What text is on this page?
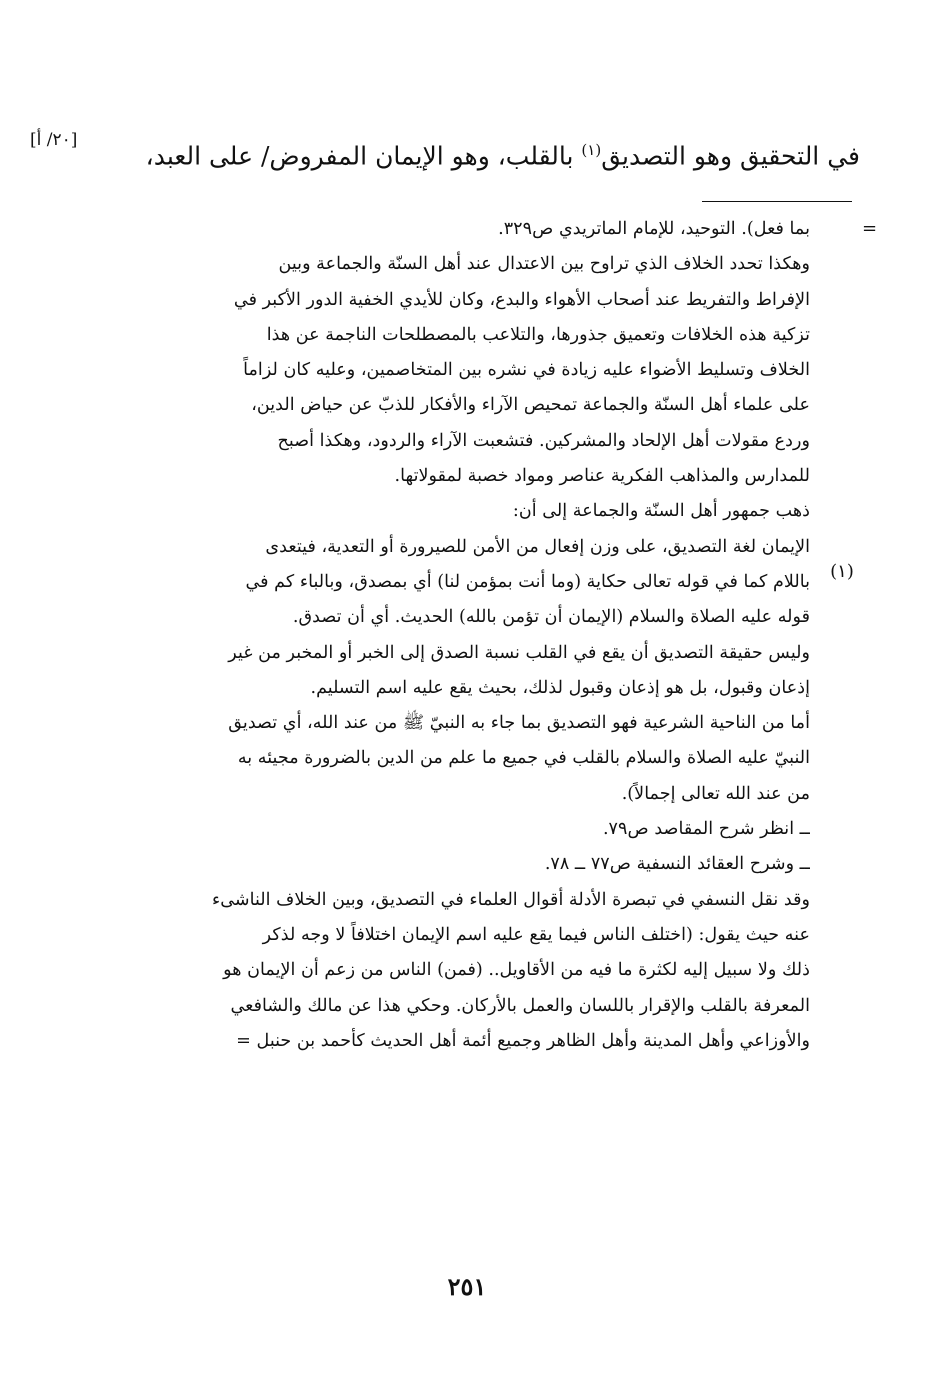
في التحقيق وهو التصديق$^{(١)}$ بالقلب، وهو الإيمان المفروض/ على العبد،
[٢٠/ أ]
=
(١)
بما فعل). التوحيد، للإمام الماتريدي ص٣٢٩.
وهكذا تحدد الخلاف الذي تراوح بين الاعتدال عند أهل السنّة والجماعة وبين
الإفراط والتفريط عند أصحاب الأهواء والبدع، وكان للأيدي الخفية الدور الأكبر في
تزكية هذه الخلافات وتعميق جذورها، والتلاعب بالمصطلحات الناجمة عن هذا
الخلاف وتسليط الأضواء عليه زيادة في نشره بين المتخاصمين، وعليه كان لزاماً
على علماء أهل السنّة والجماعة تمحيص الآراء والأفكار للذبّ عن حياض الدين،
وردع مقولات أهل الإلحاد والمشركين. فتشعبت الآراء والردود، وهكذا أصبح
للمدارس والمذاهب الفكرية عناصر ومواد خصبة لمقولاتها.
ذهب جمهور أهل السنّة والجماعة إلى أن:
الإيمان لغة التصديق، على وزن إفعال من الأمن للصيرورة أو التعدية، فيتعدى
باللام كما في قوله تعالى حكاية (وما أنت بمؤمن لنا) أي بمصدق، وبالباء كم في
قوله عليه الصلاة والسلام (الإيمان أن تؤمن بالله) الحديث. أي أن تصدق.
وليس حقيقة التصديق أن يقع في القلب نسبة الصدق إلى الخبر أو المخبر من غير
إذعان وقبول، بل هو إذعان وقبول لذلك، بحيث يقع عليه اسم التسليم.
أما من الناحية الشرعية فهو التصديق بما جاء به النبيّ ﷺ من عند الله، أي تصديق
النبيّ عليه الصلاة والسلام بالقلب في جميع ما علم من الدين بالضرورة مجيئه به
من عند الله تعالى إجمالاً).
ــ انظر شرح المقاصد ص٧٩.
ــ وشرح العقائد النسفية ص٧٧ ــ ٧٨.
وقد نقل النسفي في تبصرة الأدلة أقوال العلماء في التصديق، وبين الخلاف الناشىء
عنه حيث يقول: (اختلف الناس فيما يقع عليه اسم الإيمان اختلافاً لا وجه لذكر
ذلك ولا سبيل إليه لكثرة ما فيه من الأقاويل.. (فمن) الناس من زعم أن الإيمان هو
المعرفة بالقلب والإقرار باللسان والعمل بالأركان. وحكي هذا عن مالك والشافعي
والأوزاعي وأهل المدينة وأهل الظاهر وجميع أئمة أهل الحديث كأحمد بن حنبل =
٢٥١
